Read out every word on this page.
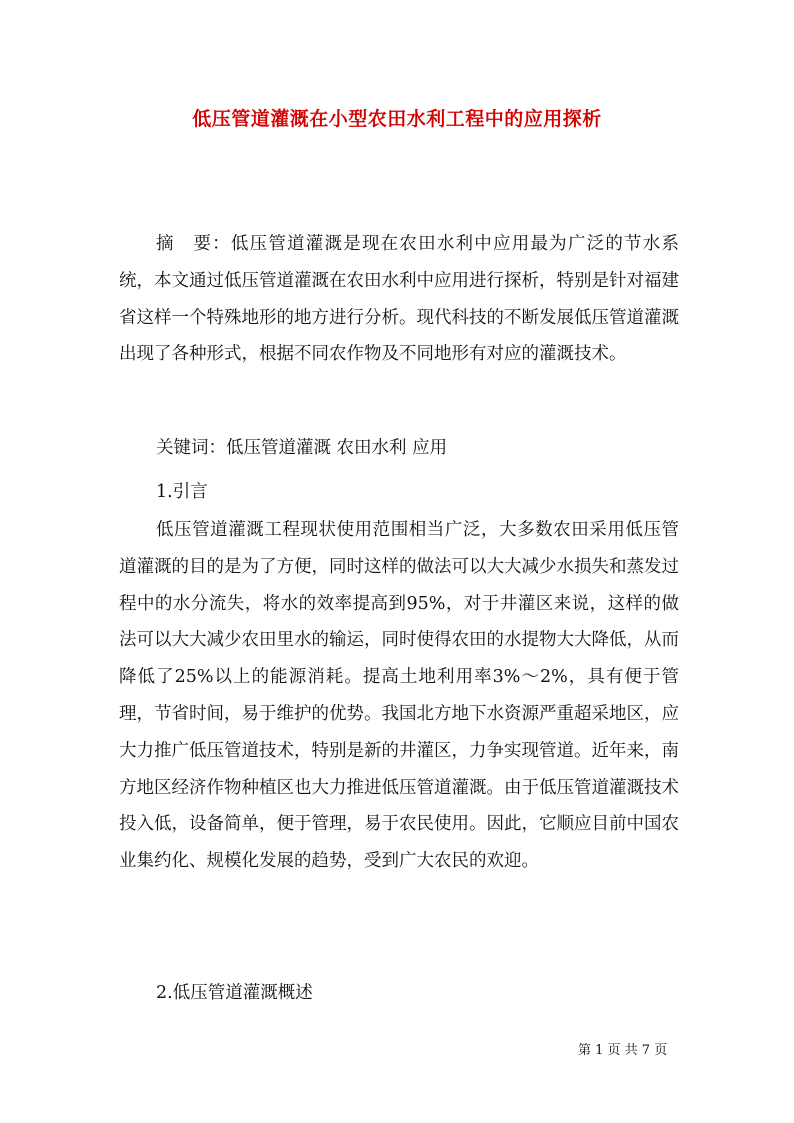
低压管道灌溉在小型农田水利工程中的应用探析

摘　要：低压管道灌溉是现在农田水利中应用最为广泛的节水系统，本文通过低压管道灌溉在农田水利中应用进行探析，特别是针对福建省这样一个特殊地形的地方进行分析。现代科技的不断发展低压管道灌溉出现了各种形式，根据不同农作物及不同地形有对应的灌溉技术。

关键词：低压管道灌溉 农田水利 应用

1.引言

低压管道灌溉工程现状使用范围相当广泛，大多数农田采用低压管道灌溉的目的是为了方便，同时这样的做法可以大大减少水损失和蒸发过程中的水分流失，将水的效率提高到95%，对于井灌区来说，这样的做法可以大大减少农田里水的输运，同时使得农田的水提物大大降低，从而降低了25%以上的能源消耗。提高土地利用率3%～2%，具有便于管理，节省时间，易于维护的优势。我国北方地下水资源严重超采地区，应大力推广低压管道技术，特别是新的井灌区，力争实现管道。近年来，南方地区经济作物种植区也大力推进低压管道灌溉。由于低压管道灌溉技术投入低，设备简单，便于管理，易于农民使用。因此，它顺应目前中国农业集约化、规模化发展的趋势，受到广大农民的欢迎。

2.低压管道灌溉概述

第 1 页 共 7 页
